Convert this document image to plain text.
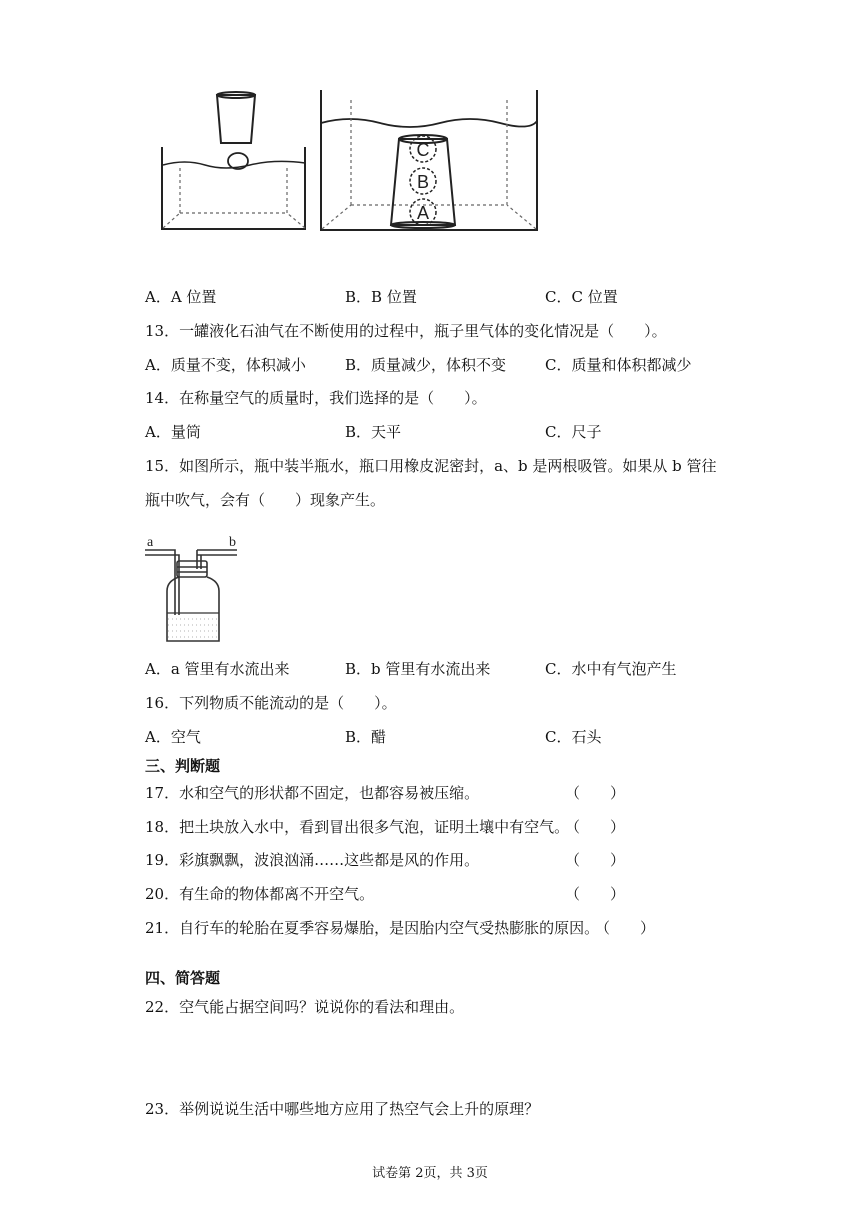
C
B
A
A．A 位置	B．B 位置	C．C 位置
13．一罐液化石油气在不断使用的过程中，瓶子里气体的变化情况是（　　）。
A．质量不变，体积减小	B．质量减少，体积不变	C．质量和体积都减少
14．在称量空气的质量时，我们选择的是（　　）。
A．量筒	B．天平	C．尺子
15．如图所示，瓶中装半瓶水，瓶口用橡皮泥密封，a、b 是两根吸管。如果从 b 管往
瓶中吹气，会有（　　）现象产生。
a	b
A．a 管里有水流出来	B．b 管里有水流出来	C．水中有气泡产生
16．下列物质不能流动的是（　　）。
A．空气	B．醋	C．石头
三、判断题
17．水和空气的形状都不固定，也都容易被压缩。	（　　）
18．把土块放入水中，看到冒出很多气泡，证明土壤中有空气。
（　　）
19．彩旗飘飘，波浪汹涌……这些都是风的作用。	（　　）
20．有生命的物体都离不开空气。	（　　）
21．自行车的轮胎在夏季容易爆胎，是因胎内空气受热膨胀的原因。
（　　）
四、简答题
22．空气能占据空间吗？说说你的看法和理由。
23．举例说说生活中哪些地方应用了热空气会上升的原理？
试卷第 2页，共 3页
